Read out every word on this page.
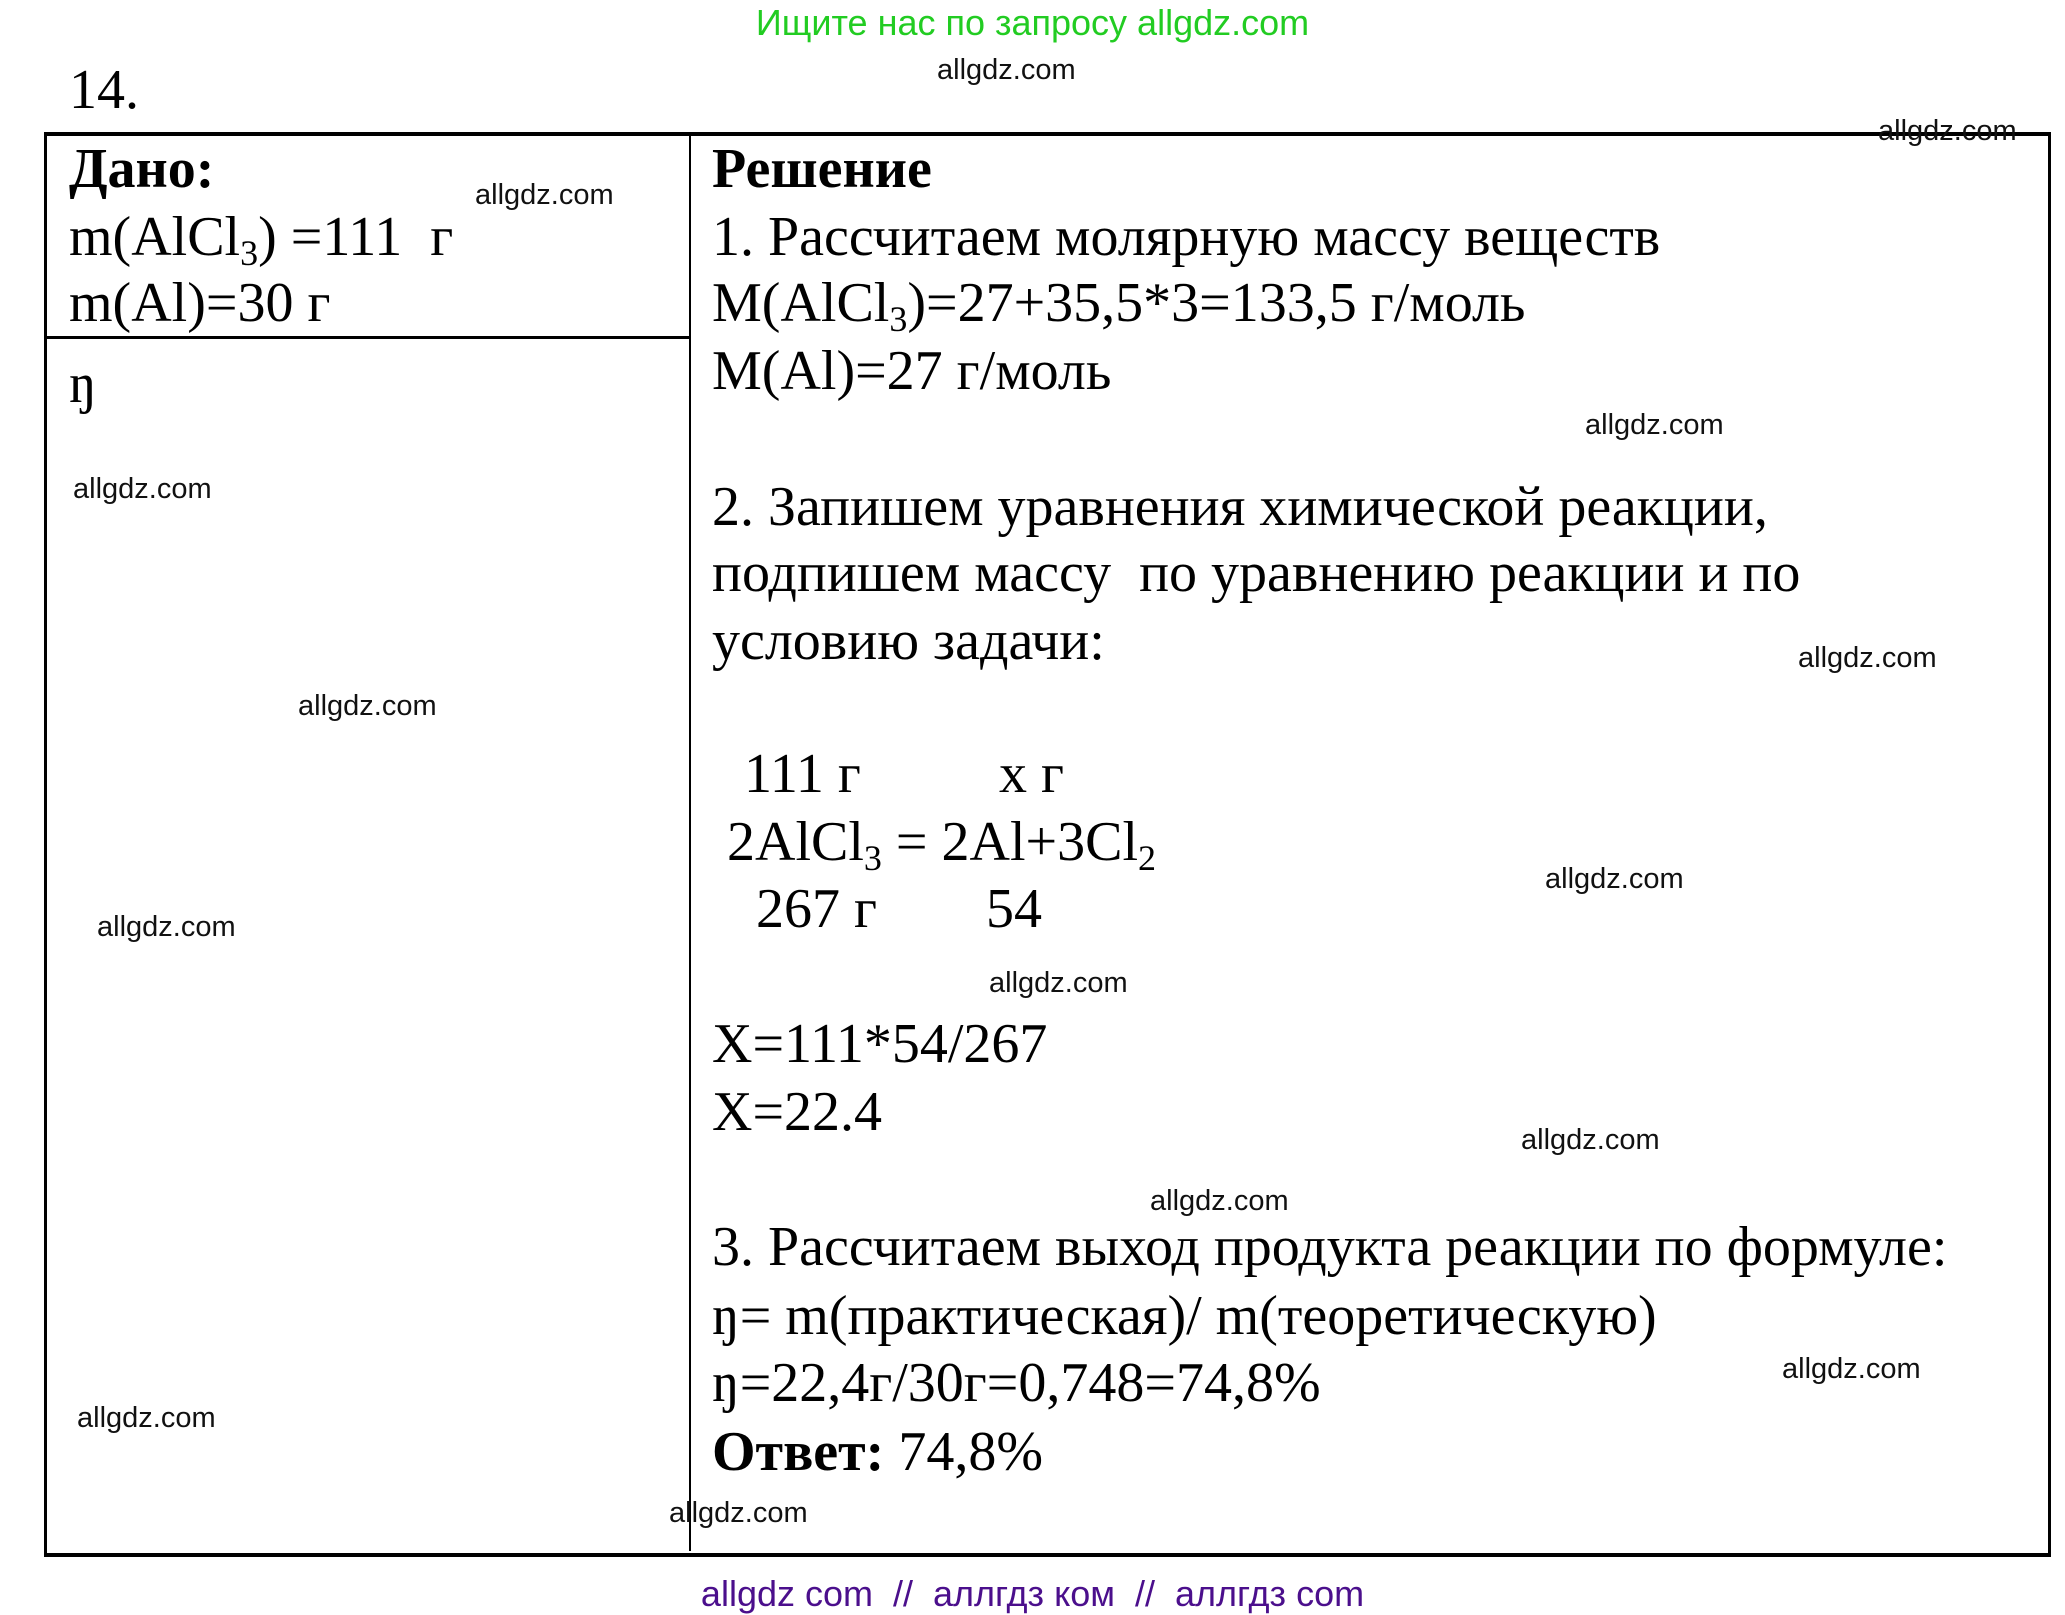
Ищите нас по запросу allgdz.com
14.
Дано:
m(AlCl$_3$) =111  г
m(Al)=30 г
ŋ
Решение
1. Рассчитаем молярную массу веществ
M(AlCl$_3$)=27+35,5*3=133,5 г/моль
M(Al)=27 г/моль
2. Запишем уравнения химической реакции,
подпишем массу  по уравнению реакции и по
условию задачи:
111 г х г
2AlCl$_3$ = $2Al+3Cl_2$
267 г 54
X=111*54/267
X=22.4
3. Рассчитаем выход продукта реакции по формуле:
ŋ= m(практическая)/ m(теоретическую)
ŋ=22,4г/30г=0,748=74,8%
Ответ: 74,8%
allgdz.com
allgdz.com
allgdz.com
allgdz.com
allgdz.com
allgdz.com
allgdz.com
allgdz.com
allgdz.com
allgdz.com
allgdz.com
allgdz.com
allgdz.com
allgdz.com
allgdz.com
allgdz com  //  аллгдз ком  //  аллгдз com
